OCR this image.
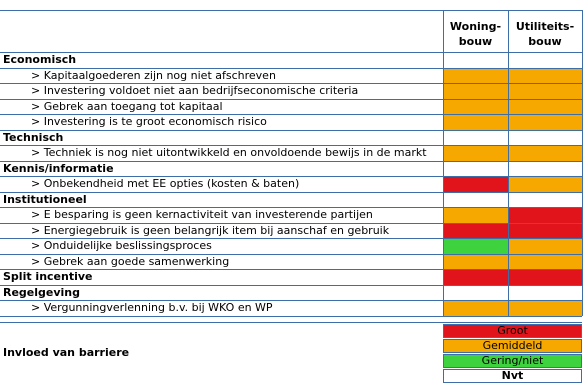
Woning-
bouw
Utiliteits-
bouw
Economisch
> Kapitaalgoederen zijn nog niet afschreven
> Investering voldoet niet aan bedrijfseconomische criteria
> Gebrek aan toegang tot kapitaal
> Investering is te groot economisch risico
Technisch
> Techniek is nog niet uitontwikkeld en onvoldoende bewijs in de markt
Kennis/informatie
> Onbekendheid met EE opties (kosten & baten)
Institutioneel
> E besparing is geen kernactiviteit van investerende partijen
> Energiegebruik is geen belangrijk item bij aanschaf en gebruik
> Onduidelijke beslissingsproces
> Gebrek aan goede samenwerking
Split incentive
Regelgeving
> Vergunningverlenning b.v. bij WKO en WP
Invloed van barriere
Groot
Gemiddeld
Gering/niet
Nvt
